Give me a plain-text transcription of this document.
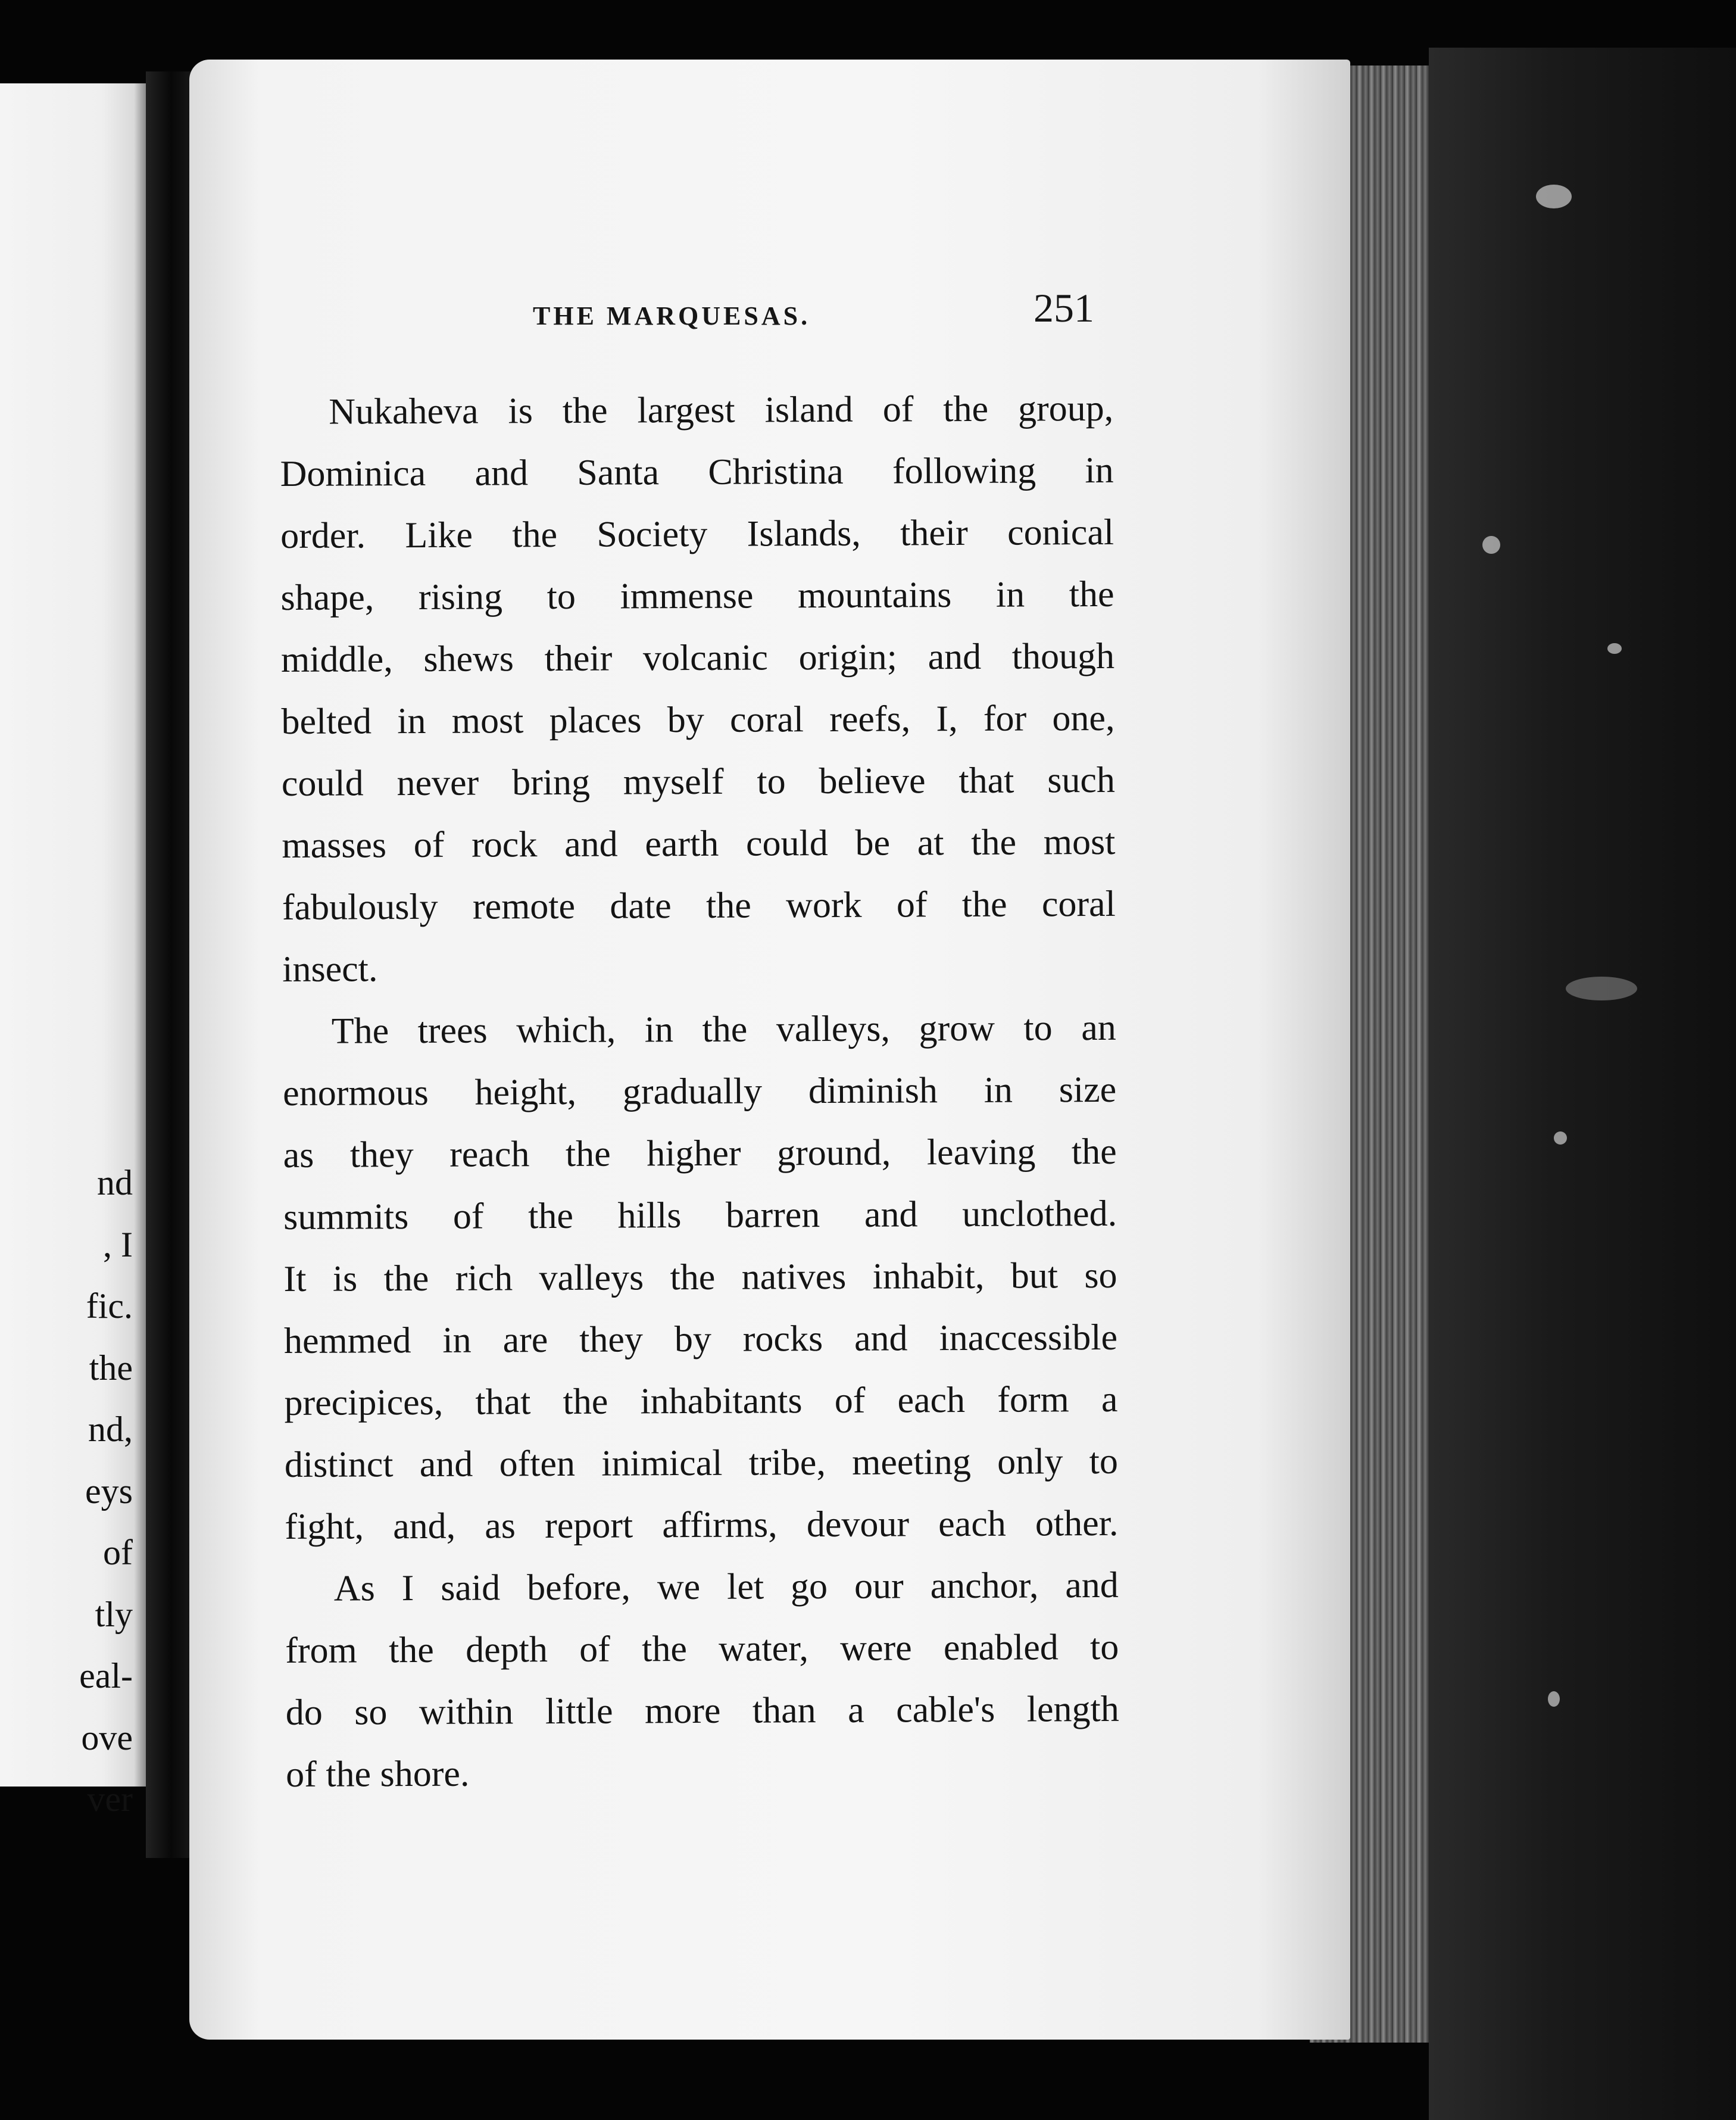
nd
, I
fic.
the
nd,
eys
of
tly
eal-
ove
ver
THE MARQUESAS.	251
Nukaheva is the largest island of the group,
Dominica and Santa Christina following in
order. Like the Society Islands, their conical
shape, rising to immense mountains in the
middle, shews their volcanic origin; and though
belted in most places by coral reefs, I, for one,
could never bring myself to believe that such
masses of rock and earth could be at the most
fabulously remote date the work of the coral
insect.
The trees which, in the valleys, grow to an
enormous height, gradually diminish in size
as they reach the higher ground, leaving the
summits of the hills barren and unclothed.
It is the rich valleys the natives inhabit, but so
hemmed in are they by rocks and inaccessible
precipices, that the inhabitants of each form a
distinct and often inimical tribe, meeting only to
fight, and, as report affirms, devour each other.
As I said before, we let go our anchor, and
from the depth of the water, were enabled to
do so within little more than a cable's length
of the shore.
